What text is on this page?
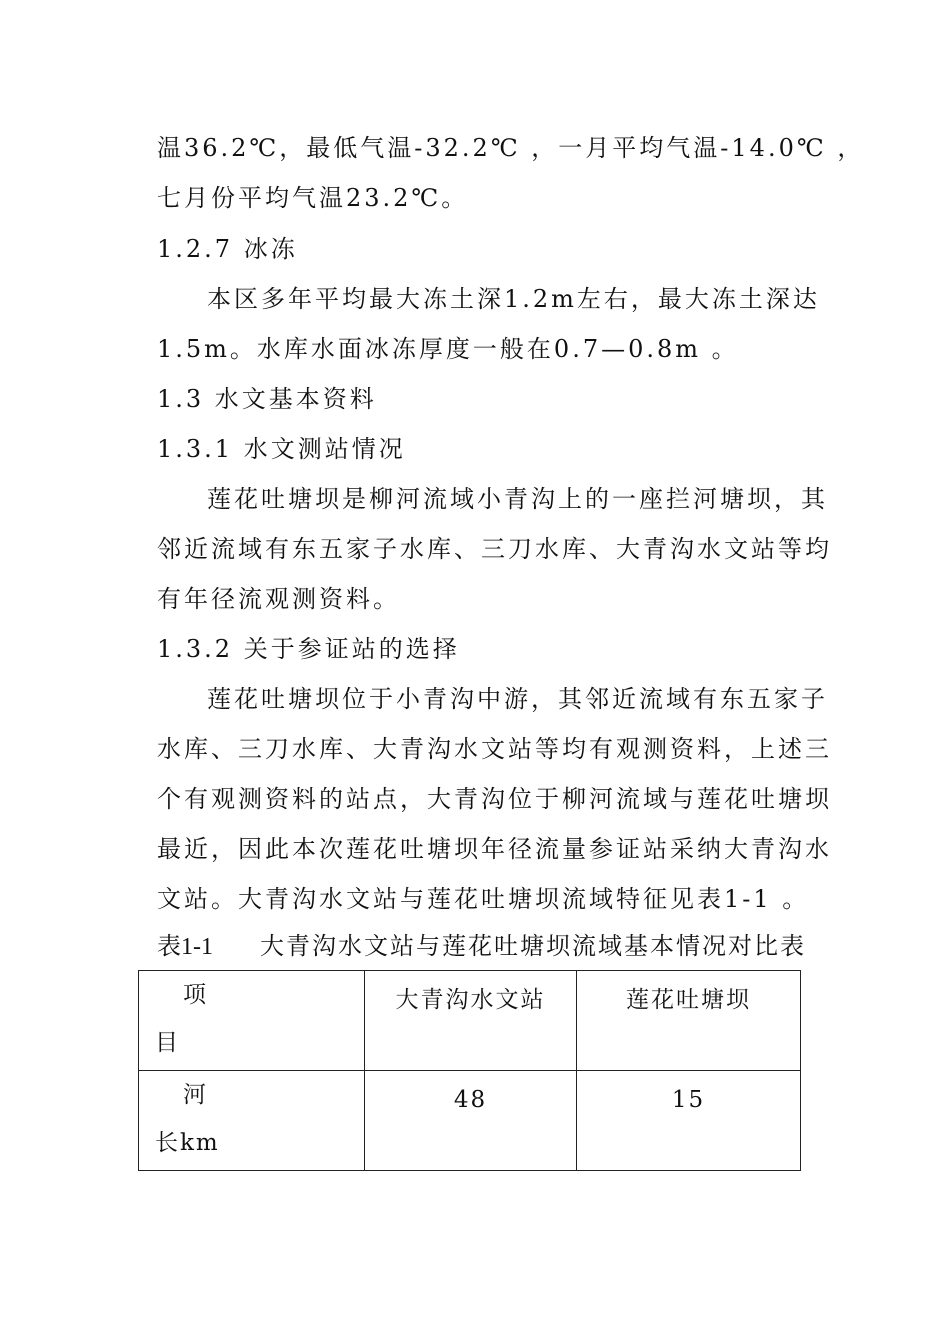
温36.2℃，最低气温-32.2℃ ，一月平均气温-14.0℃ ，
七月份平均气温23.2℃。
1.2.7 冰冻
本区多年平均最大冻土深1.2m左右，最大冻土深达
1.5m。水库水面冰冻厚度一般在0.7—0.8m 。
1.3 水文基本资料
1.3.1 水文测站情况
莲花吐塘坝是柳河流域小青沟上的一座拦河塘坝，其
邻近流域有东五家子水库、三刀水库、大青沟水文站等均
有年径流观测资料。
1.3.2 关于参证站的选择
莲花吐塘坝位于小青沟中游，其邻近流域有东五家子
水库、三刀水库、大青沟水文站等均有观测资料，上述三
个有观测资料的站点，大青沟位于柳河流域与莲花吐塘坝
最近，因此本次莲花吐塘坝年径流量参证站采纳大青沟水
文站。大青沟水文站与莲花吐塘坝流域特征见表1-1 。
表1-1 大青沟水文站与莲花吐塘坝流域基本情况对比表
项
目	大青沟水文站	莲花吐塘坝

河
长km	48	15
